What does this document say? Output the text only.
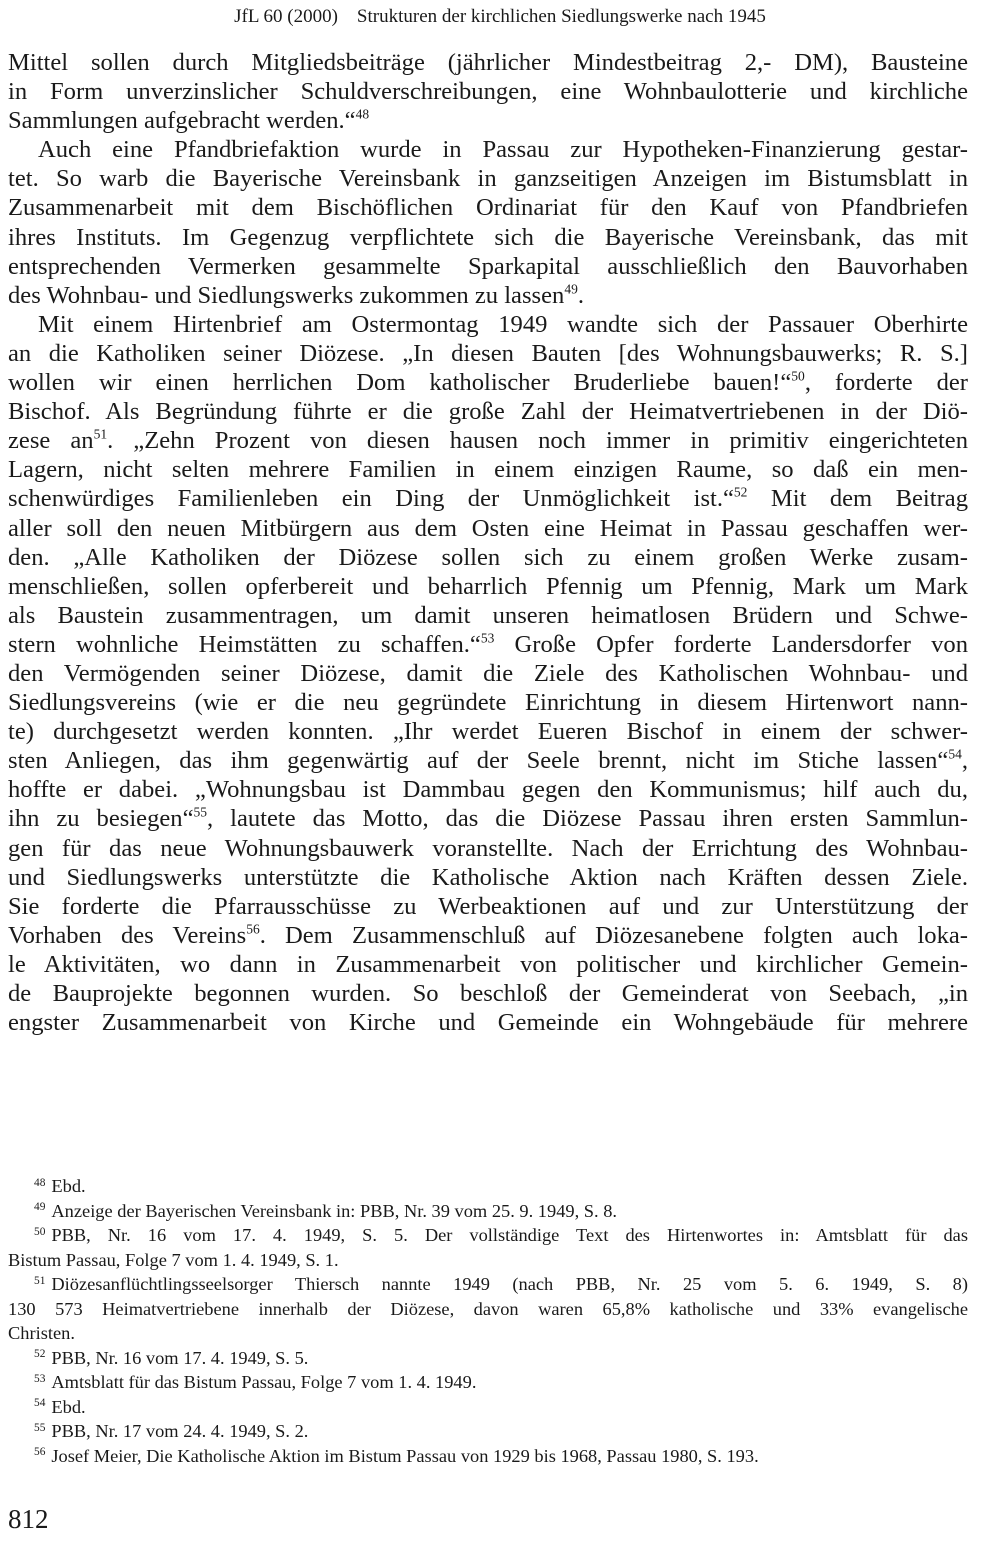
JfL 60 (2000) Strukturen der kirchlichen Siedlungswerke nach 1945
Mittel sollen durch Mitgliedsbeiträge (jährlicher Mindestbeitrag 2,- DM), Bausteine
in Form unverzinslicher Schuldverschreibungen, eine Wohnbaulotterie und kirchliche
Sammlungen aufgebracht werden.“$^{48}$
Auch eine Pfandbriefaktion wurde in Passau zur Hypotheken-Finanzierung gestar-
tet. So warb die Bayerische Vereinsbank in ganzseitigen Anzeigen im Bistumsblatt in
Zusammenarbeit mit dem Bischöflichen Ordinariat für den Kauf von Pfandbriefen
ihres Instituts. Im Gegenzug verpflichtete sich die Bayerische Vereinsbank, das mit
entsprechenden Vermerken gesammelte Sparkapital ausschließlich den Bauvorhaben
des Wohnbau- und Siedlungswerks zukommen zu lassen$^{49}$.
Mit einem Hirtenbrief am Ostermontag 1949 wandte sich der Passauer Oberhirte
an die Katholiken seiner Diözese. „In diesen Bauten [des Wohnungsbauwerks; R. S.]
wollen wir einen herrlichen Dom katholischer Bruderliebe bauen!“$^{50}$, forderte der
Bischof. Als Begründung führte er die große Zahl der Heimatvertriebenen in der Diö-
zese $an^{51}$. „Zehn Prozent von diesen hausen noch immer in primitiv eingerichteten
Lagern, nicht selten mehrere Familien in einem einzigen Raume, so daß ein men-
schenwürdiges Familienleben ein Ding der Unmöglichkeit ist.“$^{52}$ Mit dem Beitrag
aller soll den neuen Mitbürgern aus dem Osten eine Heimat in Passau geschaffen wer-
den. „Alle Katholiken der Diözese sollen sich zu einem großen Werke zusam-
menschließen, sollen opferbereit und beharrlich Pfennig um Pfennig, Mark um Mark
als Baustein zusammentragen, um damit unseren heimatlosen Brüdern und Schwe-
stern wohnliche Heimstätten zu schaffen.“$^{53}$ Große Opfer forderte Landersdorfer von
den Vermögenden seiner Diözese, damit die Ziele des Katholischen Wohnbau- und
Siedlungsvereins (wie er die neu gegründete Einrichtung in diesem Hirtenwort nann-
te) durchgesetzt werden konnten. „Ihr werdet Eueren Bischof in einem der schwer-
sten Anliegen, das ihm gegenwärtig auf der Seele brennt, nicht im Stiche lassen“$^{54}$,
hoffte er dabei. „Wohnungsbau ist Dammbau gegen den Kommunismus; hilf auch du,
ihn zu besiegen“$^{55}$, lautete das Motto, das die Diözese Passau ihren ersten Sammlun-
gen für das neue Wohnungsbauwerk voranstellte. Nach der Errichtung des Wohnbau-
und Siedlungswerks unterstützte die Katholische Aktion nach Kräften dessen Ziele.
Sie forderte die Pfarrausschüsse zu Werbeaktionen auf und zur Unterstützung der
Vorhaben des Vereins$^{56}$. Dem Zusammenschluß auf Diözesanebene folgten auch loka-
le Aktivitäten, wo dann in Zusammenarbeit von politischer und kirchlicher Gemein-
de Bauprojekte begonnen wurden. So beschloß der Gemeinderat von Seebach, „in
engster Zusammenarbeit von Kirche und Gemeinde ein Wohngebäude für mehrere
$^{48}$ Ebd.
$^{49}$ Anzeige der Bayerischen Vereinsbank in: PBB, Nr. 39 vom 25. 9. 1949, S. 8.
$^{50}$ PBB, Nr. 16 vom 17. 4. 1949, S. 5. Der vollständige Text des Hirtenwortes in: Amtsblatt für das
Bistum Passau, Folge 7 vom 1. 4. 1949, S. 1.
$^{51}$ Diözesanflüchtlingsseelsorger Thiersch nannte 1949 (nach PBB, Nr. 25 vom 5. 6. 1949, S. 8)
130 573 Heimatvertriebene innerhalb der Diözese, davon waren 65,8% katholische und 33% evangelische
Christen.
$^{52}$ PBB, Nr. 16 vom 17. 4. 1949, S. 5.
$^{53}$ Amtsblatt für das Bistum Passau, Folge 7 vom 1. 4. 1949.
$^{54}$ Ebd.
$^{55}$ PBB, Nr. 17 vom 24. 4. 1949, S. 2.
$^{56}$ Josef Meier, Die Katholische Aktion im Bistum Passau von 1929 bis 1968, Passau 1980, S. 193.
812
